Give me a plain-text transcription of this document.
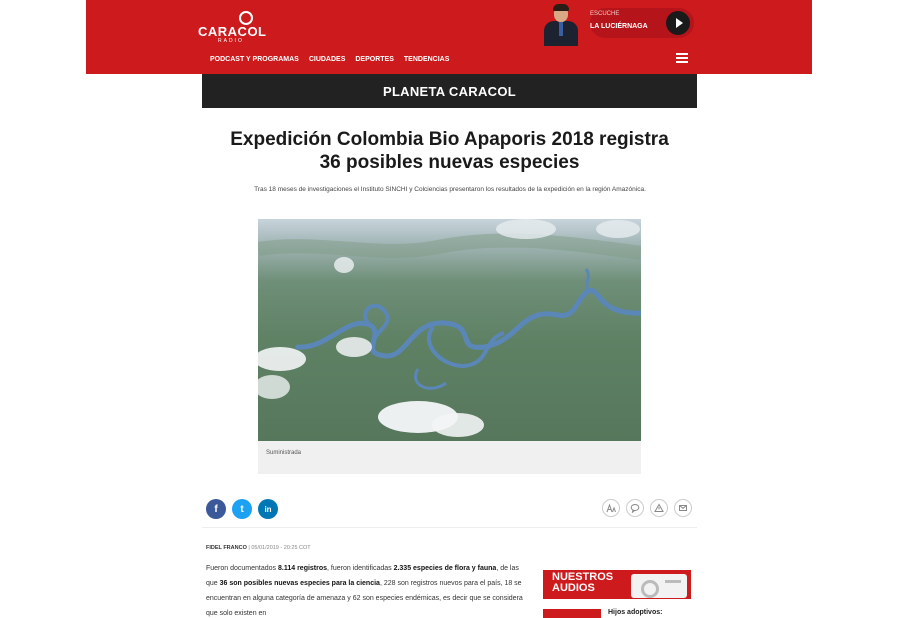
CARACOL
RADIO
ESCUCHE
LA LUCIÉRNAGA
PODCAST Y PROGRAMAS CIUDADES DEPORTES TENDENCIAS
PLANETA CARACOL
Expedición Colombia Bio Apaporis 2018 registra 36 posibles nuevas especies

Tras 18 meses de investigaciones el Instituto SINCHI y Colciencias presentaron los resultados de la expedición en la región Amazónica.

Suministrada
f	t	in
FIDEL FRANCO | 05/01/2019 - 20:25 COT

Fueron documentados 8.114 registros, fueron identificadas 2.335 especies de flora y fauna, de las que 36 son posibles nuevas especies para la ciencia, 228 son registros nuevos para el país, 18 se encuentran en alguna categoría de amenaza y 62 son especies endémicas, es decir que se considera que solo existen en

NUESTROS AUDIOS
Hijos adoptivos:
